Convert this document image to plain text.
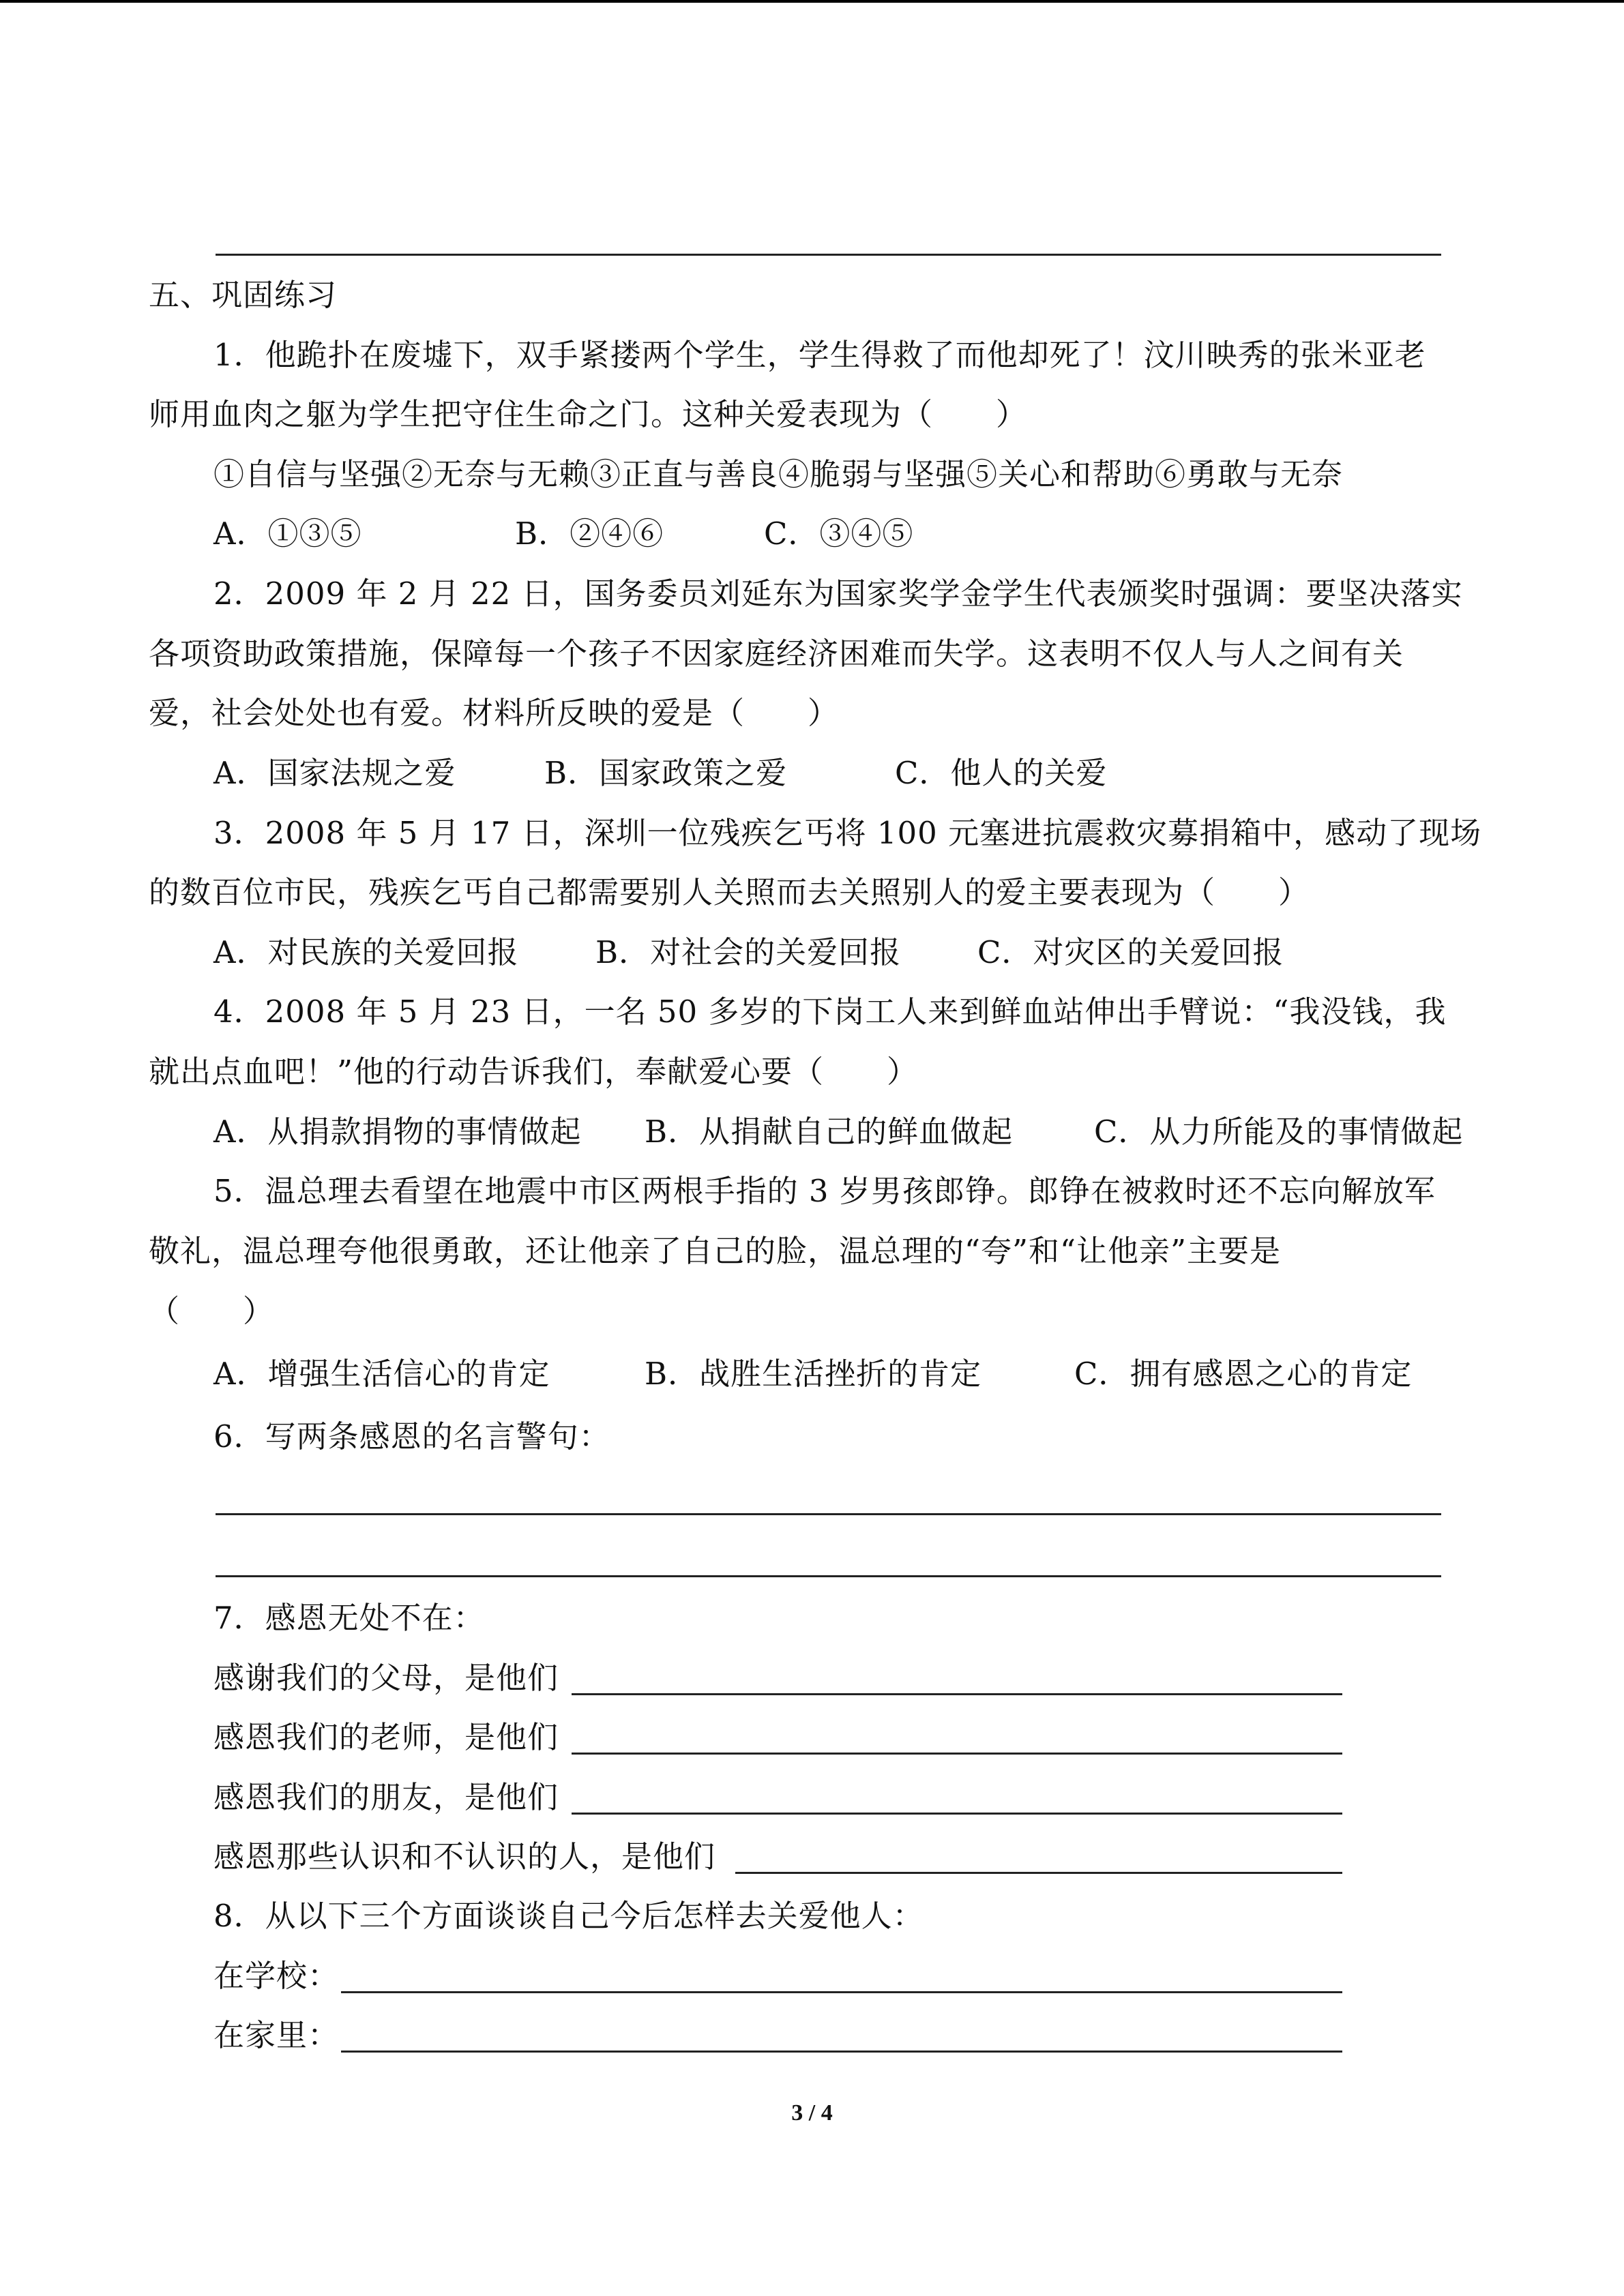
五、巩固练习
1．他跪扑在废墟下，双手紧搂两个学生，学生得救了而他却死了！汶川映秀的张米亚老
师用血肉之躯为学生把守住生命之门。这种关爱表现为（　　）
①自信与坚强②无奈与无赖③正直与善良④脆弱与坚强⑤关心和帮助⑥勇敢与无奈
A．①③⑤	B．②④⑥	C．③④⑤
2．2009 年 2 月 22 日，国务委员刘延东为国家奖学金学生代表颁奖时强调：要坚决落实
各项资助政策措施，保障每一个孩子不因家庭经济困难而失学。这表明不仅人与人之间有关
爱，社会处处也有爱。材料所反映的爱是（　　）
A．国家法规之爱	B．国家政策之爱	C．他人的关爱
3．2008 年 5 月 17 日，深圳一位残疾乞丐将 100 元塞进抗震救灾募捐箱中，感动了现场
的数百位市民，残疾乞丐自己都需要别人关照而去关照别人的爱主要表现为（　　）
A．对民族的关爱回报	B．对社会的关爱回报 C．对灾区的关爱回报
4．2008 年 5 月 23 日，一名 50 多岁的下岗工人来到鲜血站伸出手臂说：“我没钱，我
就出点血吧！”他的行动告诉我们，奉献爱心要（　　）
A．从捐款捐物的事情做起 B．从捐献自己的鲜血做起	C．从力所能及的事情做起
5．温总理去看望在地震中市区两根手指的 3 岁男孩郎铮。郎铮在被救时还不忘向解放军
敬礼，温总理夸他很勇敢，还让他亲了自己的脸，温总理的“夸”和“让他亲”主要是
（　　）
A．增强生活信心的肯定	B．战胜生活挫折的肯定	C．拥有感恩之心的肯定
6．写两条感恩的名言警句：
7．感恩无处不在：
感谢我们的父母，是他们
感恩我们的老师，是他们
感恩我们的朋友，是他们
感恩那些认识和不认识的人，是他们
8．从以下三个方面谈谈自己今后怎样去关爱他人：
在学校：
在家里：
3 / 4
